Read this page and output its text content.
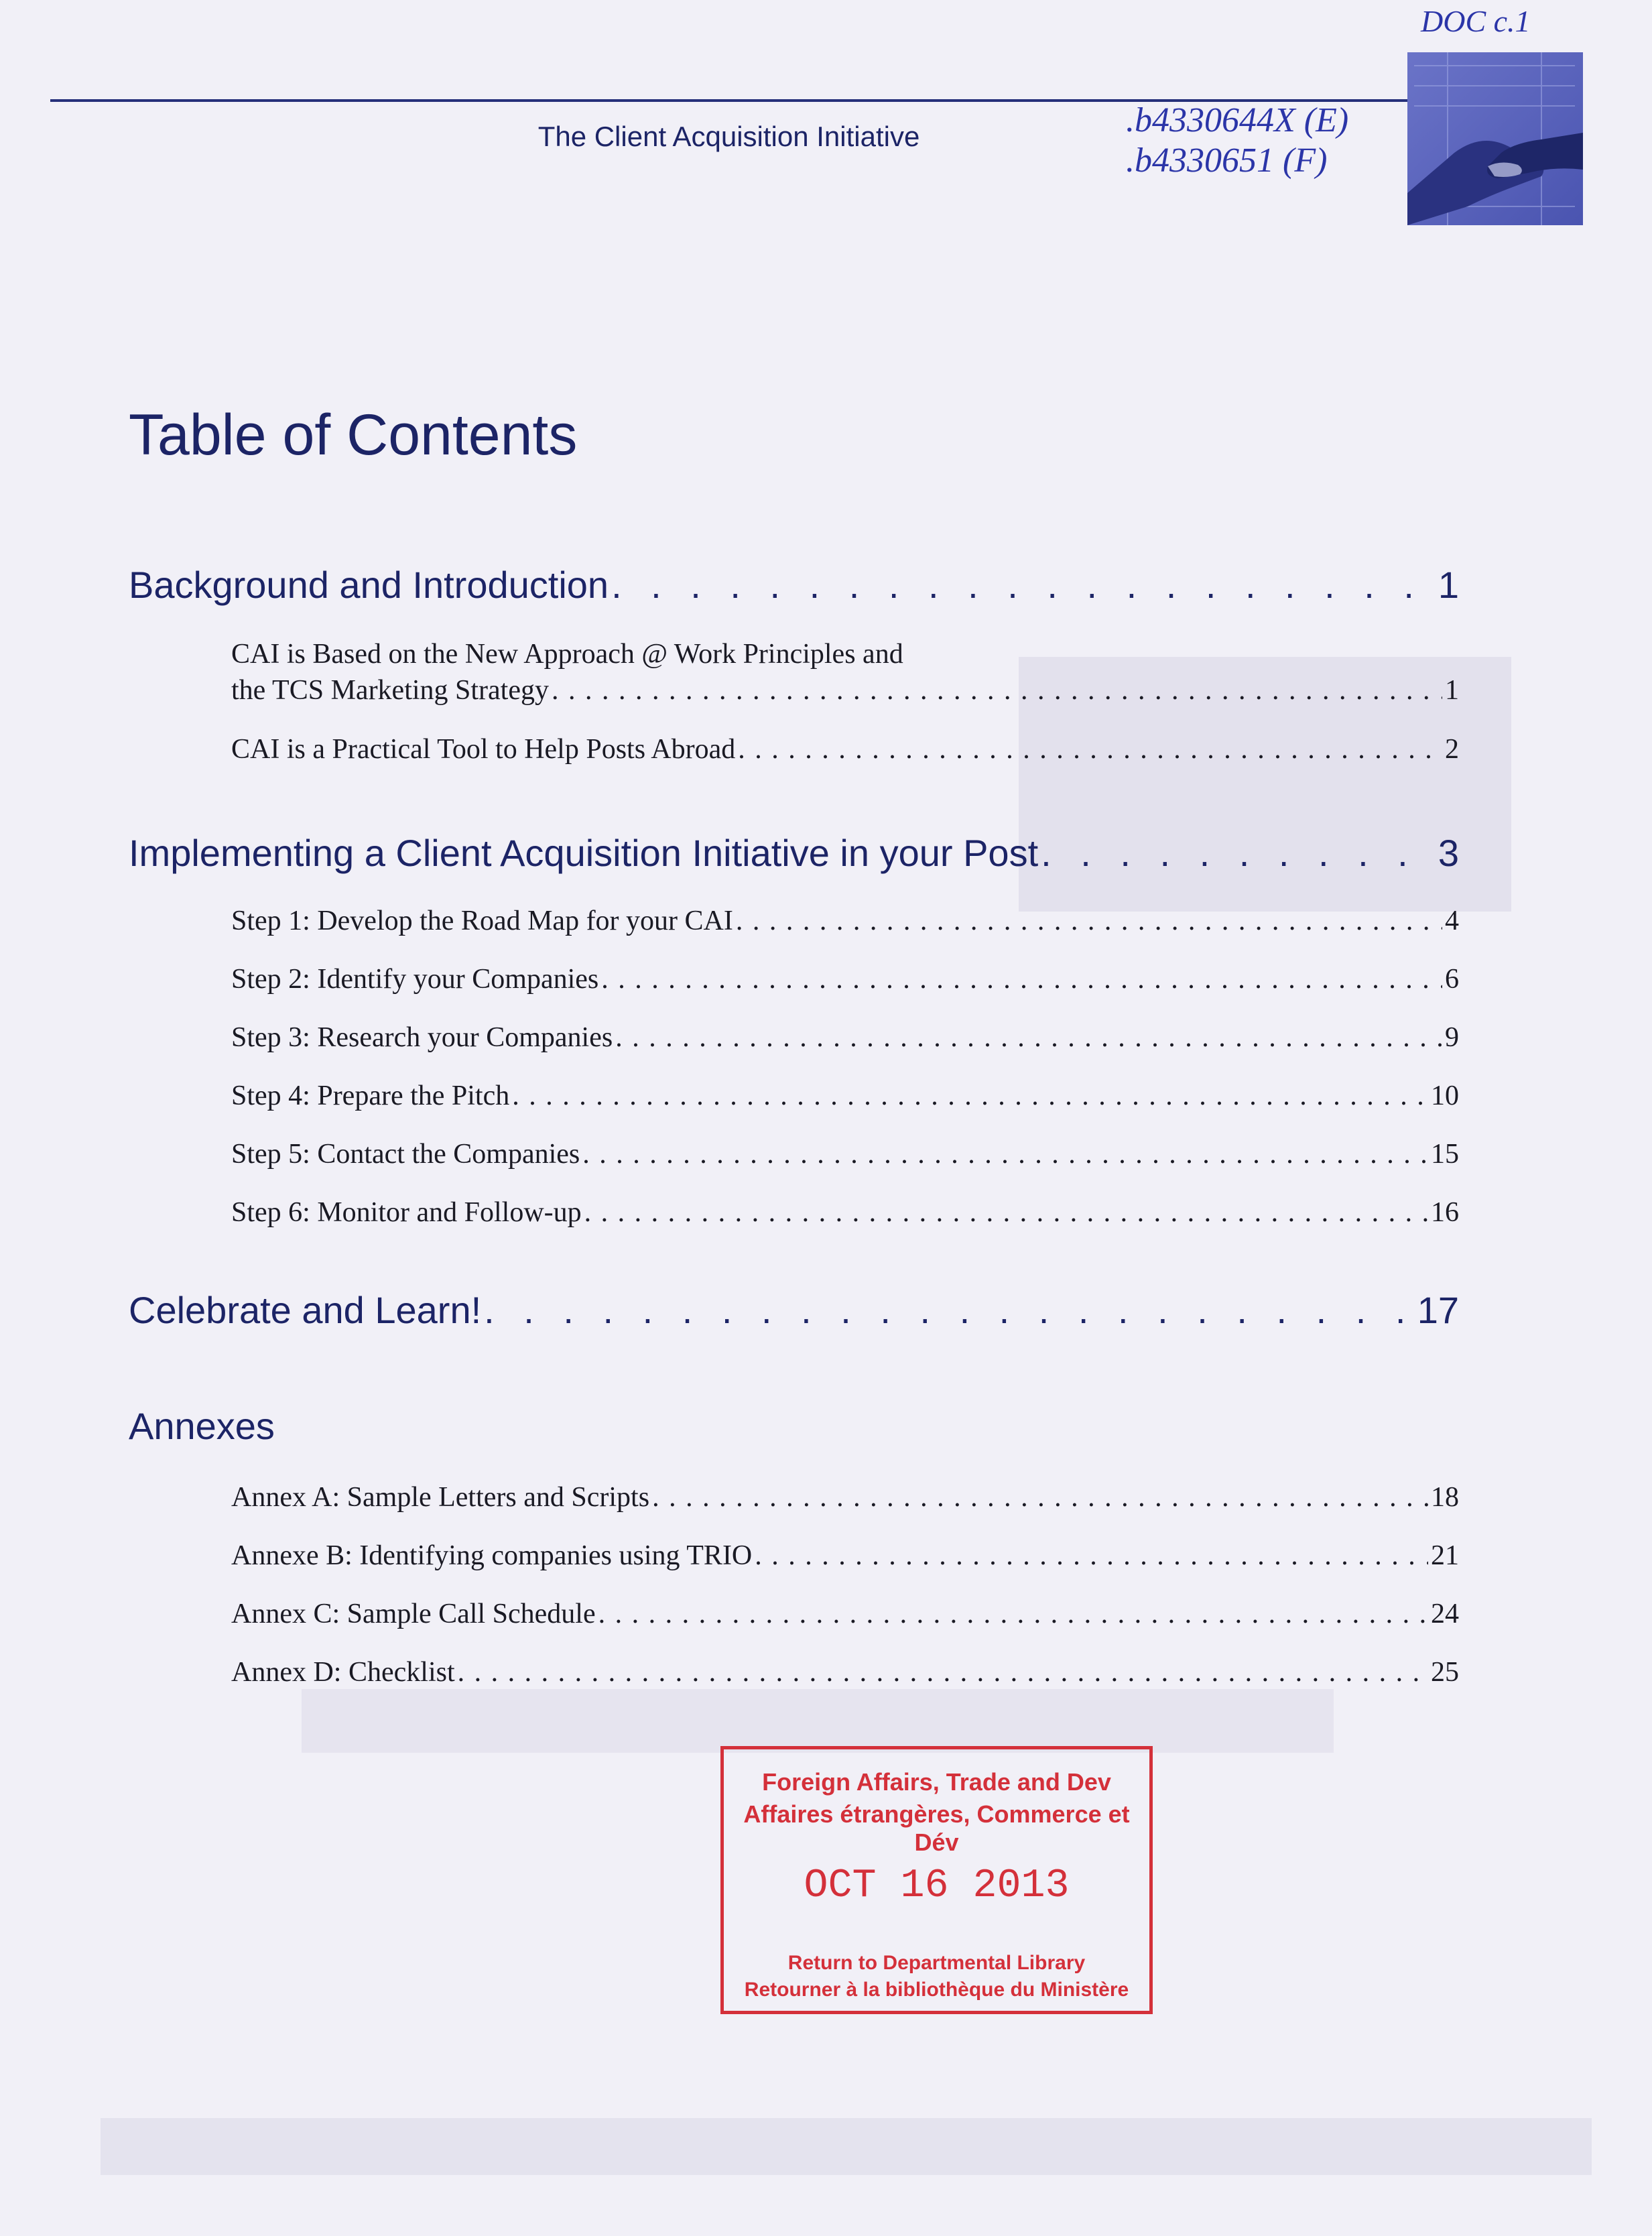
The Client Acquisition Initiative
DOC c.1
.b4330644X (E)
.b4330651 (F)
Table of Contents
Background and Introduction . . .	1
CAI is Based on the New Approach @ Work Principles and
the TCS Marketing Strategy . . .	1
CAI is a Practical Tool to Help Posts Abroad . . .	2
Implementing a Client Acquisition Initiative in your Post . . .	3
Step 1: Develop the Road Map for your CAI . . .	4
Step 2: Identify your Companies . . .	6
Step 3: Research your Companies . . .	9
Step 4: Prepare the Pitch . . .	10
Step 5: Contact the Companies . . .	15
Step 6: Monitor and Follow-up . . .	16
Celebrate and Learn! . . .	17
Annexes
Annex A: Sample Letters and Scripts . . .	18
Annexe B: Identifying companies using TRIO . . .	21
Annex C: Sample Call Schedule . . .	24
Annex D: Checklist . . .	25
Foreign Affairs, Trade and Dev
Affaires étrangères, Commerce et Dév
OCT 16 2013
Return to Departmental Library
Retourner à la bibliothèque du Ministère
